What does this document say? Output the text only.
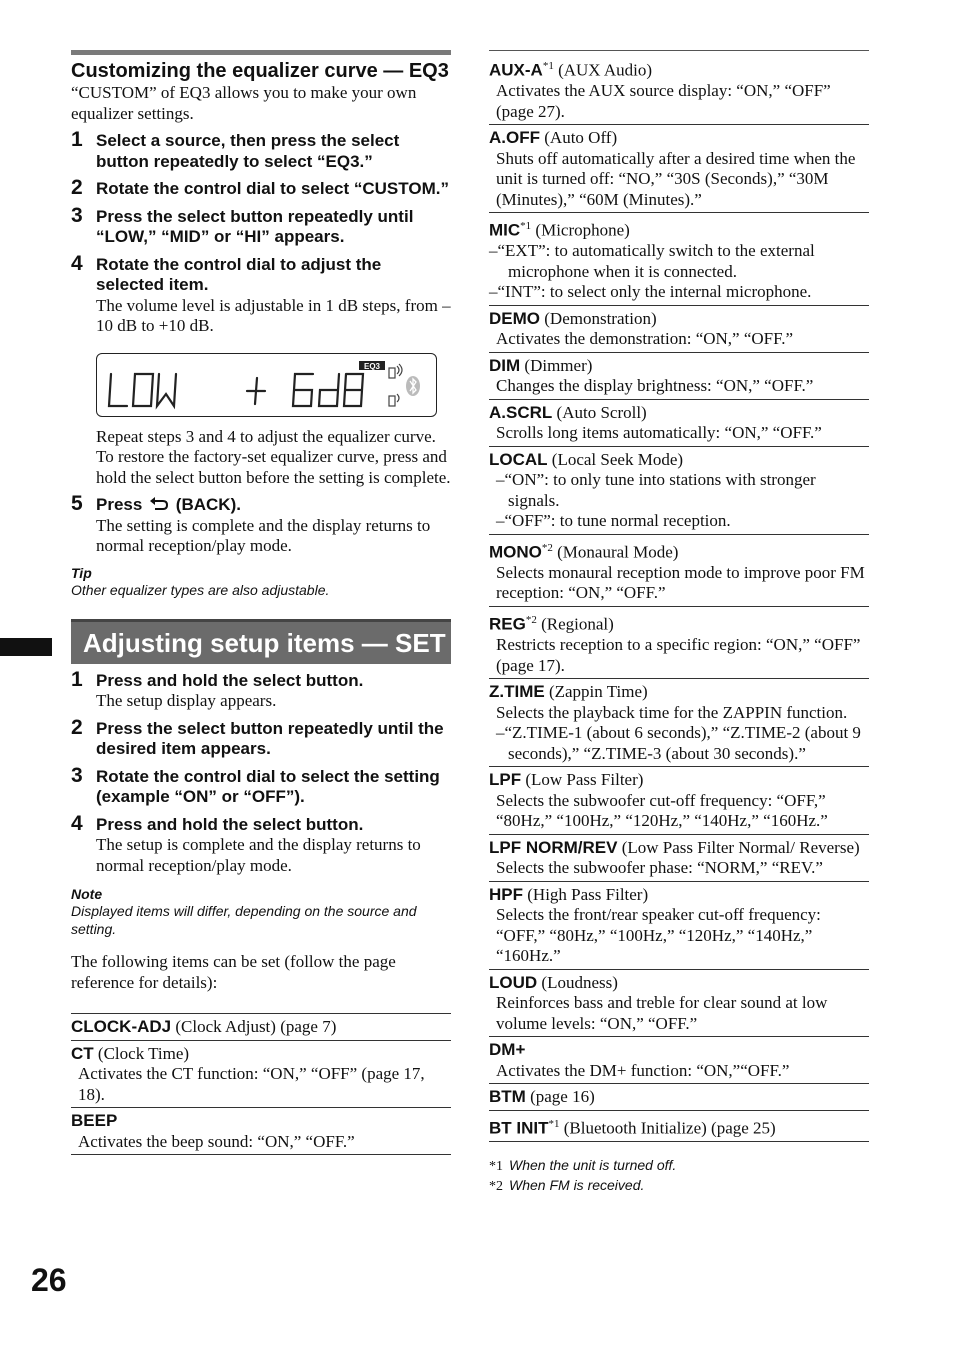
Customizing the equalizer curve — EQ3

“CUSTOM” of EQ3 allows you to make your own equalizer settings.

1 Select a source, then press the select button repeatedly to select “EQ3.”
2 Rotate the control dial to select “CUSTOM.”
3 Press the select button repeatedly until “LOW,” “MID” or “HI” appears.
4 Rotate the control dial to adjust the selected item.
The volume level is adjustable in 1 dB steps, from –10 dB to +10 dB.
EQ3

Repeat steps 3 and 4 to adjust the equalizer curve.

To restore the factory-set equalizer curve, press and hold the select button before the setting is complete.

5 Press (BACK).
The setting is complete and the display returns to normal reception/play mode.
Tip
Other equalizer types are also adjustable.
Adjusting setup items — SET
1 Press and hold the select button.
The setup display appears.
2 Press the select button repeatedly until the desired item appears.
3 Rotate the control dial to select the setting (example “ON” or “OFF”).
4 Press and hold the select button.
The setup is complete and the display returns to normal reception/play mode.
Note
Displayed items will differ, depending on the source and setting.

The following items can be set (follow the page reference for details):

CLOCK-ADJ (Clock Adjust) (page 7)
CT (Clock Time)
Activates the CT function: “ON,” “OFF” (page 17, 18).
BEEP
Activates the beep sound: “ON,” “OFF.”
AUX-$A^{*1}$ (AUX Audio)
Activates the AUX source display: “ON,” “OFF” (page 27).
A.OFF (Auto Off)
Shuts off automatically after a desired time when the unit is turned off: “NO,” “30S (Seconds),” “30M (Minutes),” “60M (Minutes).”
MIC$^{*1}$ (Microphone)
–“EXT”: to automatically switch to the external microphone when it is connected.
–“INT”: to select only the internal microphone.
DEMO (Demonstration)
Activates the demonstration: “ON,” “OFF.”
DIM (Dimmer)
Changes the display brightness: “ON,” “OFF.”
A.SCRL (Auto Scroll)
Scrolls long items automatically: “ON,” “OFF.”
LOCAL (Local Seek Mode)
–“ON”: to only tune into stations with stronger signals.
–“OFF”: to tune normal reception.
MONO$^{*2}$ (Monaural Mode)
Selects monaural reception mode to improve poor FM reception: “ON,” “OFF.”
REG$^{*2}$ (Regional)
Restricts reception to a specific region: “ON,” “OFF” (page 17).
Z.TIME (Zappin Time)
Selects the playback time for the ZAPPIN function.
–“Z.TIME-1 (about 6 seconds),” “Z.TIME-2 (about 9 seconds),” “Z.TIME-3 (about 30 seconds).”
LPF (Low Pass Filter)
Selects the subwoofer cut-off frequency: “OFF,” “80Hz,” “100Hz,” “120Hz,” “140Hz,” “160Hz.”
LPF NORM/REV (Low Pass Filter Normal/ Reverse)
Selects the subwoofer phase: “NORM,” “REV.”
HPF (High Pass Filter)
Selects the front/rear speaker cut-off frequency: “OFF,” “80Hz,” “100Hz,” “120Hz,” “140Hz,” “160Hz.”
LOUD (Loudness)
Reinforces bass and treble for clear sound at low volume levels: “ON,” “OFF.”
DM+
Activates the DM+ function: “ON,”“OFF.”
BTM (page 16)
BT INIT$^{*1}$ (Bluetooth Initialize) (page 25)
*1 When the unit is turned off.
*2 When FM is received.
26
